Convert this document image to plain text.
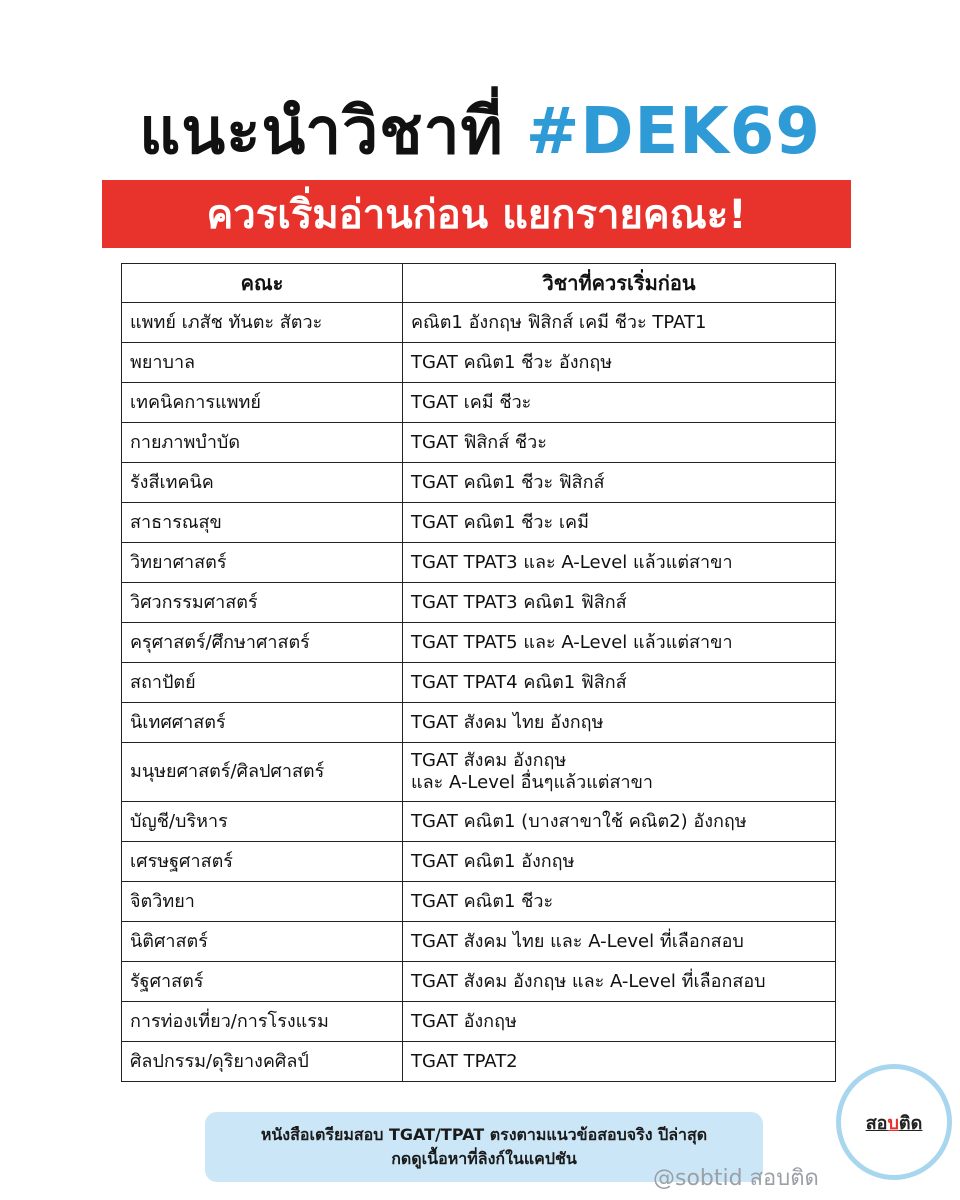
แนะนำวิชาที่ #DEK69
ควรเริ่มอ่านก่อน แยกรายคณะ!
คณะ	วิชาที่ควรเริ่มก่อน
แพทย์ เภสัช ทันตะ สัตวะ	คณิต1 อังกฤษ ฟิสิกส์ เคมี ชีวะ TPAT1

พยาบาล	TGAT คณิต1 ชีวะ อังกฤษ

เทคนิคการแพทย์	TGAT เคมี ชีวะ

กายภาพบำบัด	TGAT ฟิสิกส์ ชีวะ

รังสีเทคนิค	TGAT คณิต1 ชีวะ ฟิสิกส์

สาธารณสุข	TGAT คณิต1 ชีวะ เคมี

วิทยาศาสตร์	TGAT TPAT3 และ A-Level แล้วแต่สาขา

วิศวกรรมศาสตร์	TGAT TPAT3 คณิต1 ฟิสิกส์

ครุศาสตร์/ศึกษาศาสตร์	TGAT TPAT5 และ A-Level แล้วแต่สาขา

สถาปัตย์	TGAT TPAT4 คณิต1 ฟิสิกส์

นิเทศศาสตร์	TGAT สังคม ไทย อังกฤษ

มนุษยศาสตร์/ศิลปศาสตร์	TGAT สังคม อังกฤษ
และ A-Level อื่นๆแล้วแต่สาขา

บัญชี/บริหาร	TGAT คณิต1 (บางสาขาใช้ คณิต2) อังกฤษ

เศรษฐศาสตร์	TGAT คณิต1 อังกฤษ

จิตวิทยา	TGAT คณิต1 ชีวะ

นิติศาสตร์	TGAT สังคม ไทย และ A-Level ที่เลือกสอบ

รัฐศาสตร์	TGAT สังคม อังกฤษ และ A-Level ที่เลือกสอบ

การท่องเที่ยว/การโรงแรม	TGAT อังกฤษ

ศิลปกรรม/ดุริยางคศิลป์	TGAT TPAT2
หนังสือเตรียมสอบ TGAT/TPAT ตรงตามแนวข้อสอบจริง ปีล่าสุด
กดดูเนื้อหาที่ลิงก์ในแคปชัน
@sobtid สอบติด
สอบติด
